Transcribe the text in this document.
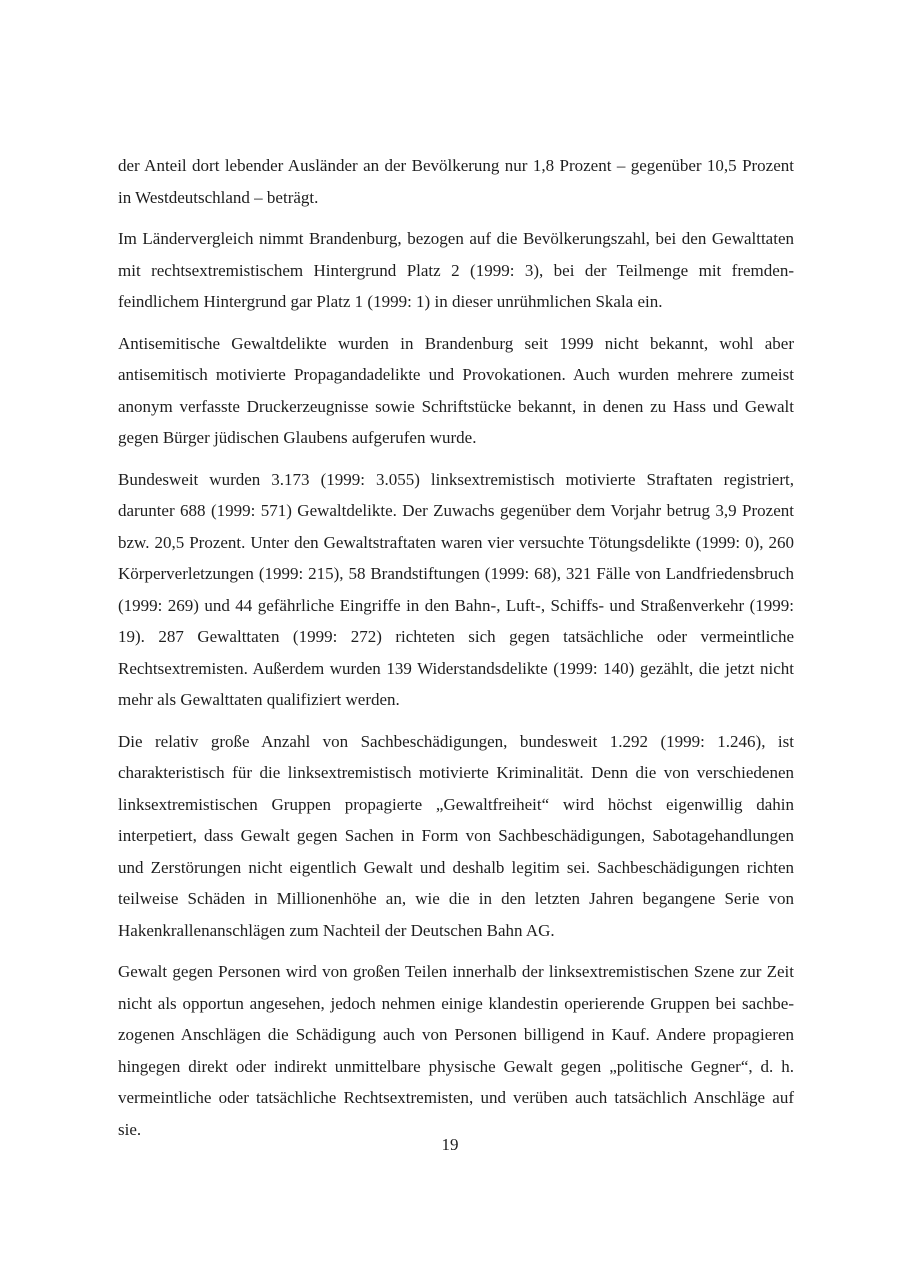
der Anteil dort lebender Ausländer an der Bevölkerung nur 1,8 Prozent – gegenüber 10,5 Prozent in Westdeutschland – beträgt.

Im Ländervergleich nimmt Brandenburg, bezogen auf die Bevölkerungszahl, bei den Gewalttaten mit rechtsextremistischem Hintergrund Platz 2 (1999: 3), bei der Teilmenge mit fremdenfeindlichem Hintergrund gar Platz 1 (1999: 1) in dieser unrühmlichen Skala ein.

Antisemitische Gewaltdelikte wurden in Brandenburg seit 1999 nicht bekannt, wohl aber antisemitisch motivierte Propagandadelikte und Provokationen. Auch wurden mehrere zumeist anonym verfasste Druckerzeugnisse sowie Schriftstücke bekannt, in denen zu Hass und Gewalt gegen Bürger jüdischen Glaubens aufgerufen wurde.

Bundesweit wurden 3.173 (1999: 3.055) linksextremistisch motivierte Straftaten registriert, darunter 688 (1999: 571) Gewaltdelikte. Der Zuwachs gegenüber dem Vorjahr betrug 3,9 Prozent bzw. 20,5 Prozent. Unter den Gewaltstraftaten waren vier versuchte Tötungsdelikte (1999: 0), 260 Körperverletzungen (1999: 215), 58 Brandstiftungen (1999: 68), 321 Fälle von Landfriedensbruch (1999: 269) und 44 gefährliche Eingriffe in den Bahn-, Luft-, Schiffs- und Straßenverkehr (1999: 19). 287 Gewalttaten (1999: 272) richteten sich gegen tatsächliche oder vermeintliche Rechtsextremisten. Außerdem wurden 139 Widerstandsdelikte (1999: 140) gezählt, die jetzt nicht mehr als Gewalttaten qualifiziert werden.

Die relativ große Anzahl von Sachbeschädigungen, bundesweit 1.292 (1999: 1.246), ist charakteristisch für die linksextremistisch motivierte Kriminalität. Denn die von verschiedenen linksextremistischen Gruppen propagierte „Gewaltfreiheit“ wird höchst eigenwillig dahin interpetiert, dass Gewalt gegen Sachen in Form von Sachbeschädigungen, Sabotagehandlungen und Zerstörungen nicht eigentlich Gewalt und deshalb legitim sei. Sachbeschädigungen richten teilweise Schäden in Millionenhöhe an, wie die in den letzten Jahren begangene Serie von Hakenkrallenanschlägen zum Nachteil der Deutschen Bahn AG.

Gewalt gegen Personen wird von großen Teilen innerhalb der linksextremistischen Szene zur Zeit nicht als opportun angesehen, jedoch nehmen einige klandestin operierende Gruppen bei sachbezogenen Anschlägen die Schädigung auch von Personen billigend in Kauf. Andere propagieren hingegen direkt oder indirekt unmittelbare physische Gewalt gegen „politische Gegner“, d. h. vermeintliche oder tatsächliche Rechtsextremisten, und verüben auch tatsächlich Anschläge auf sie.

19
